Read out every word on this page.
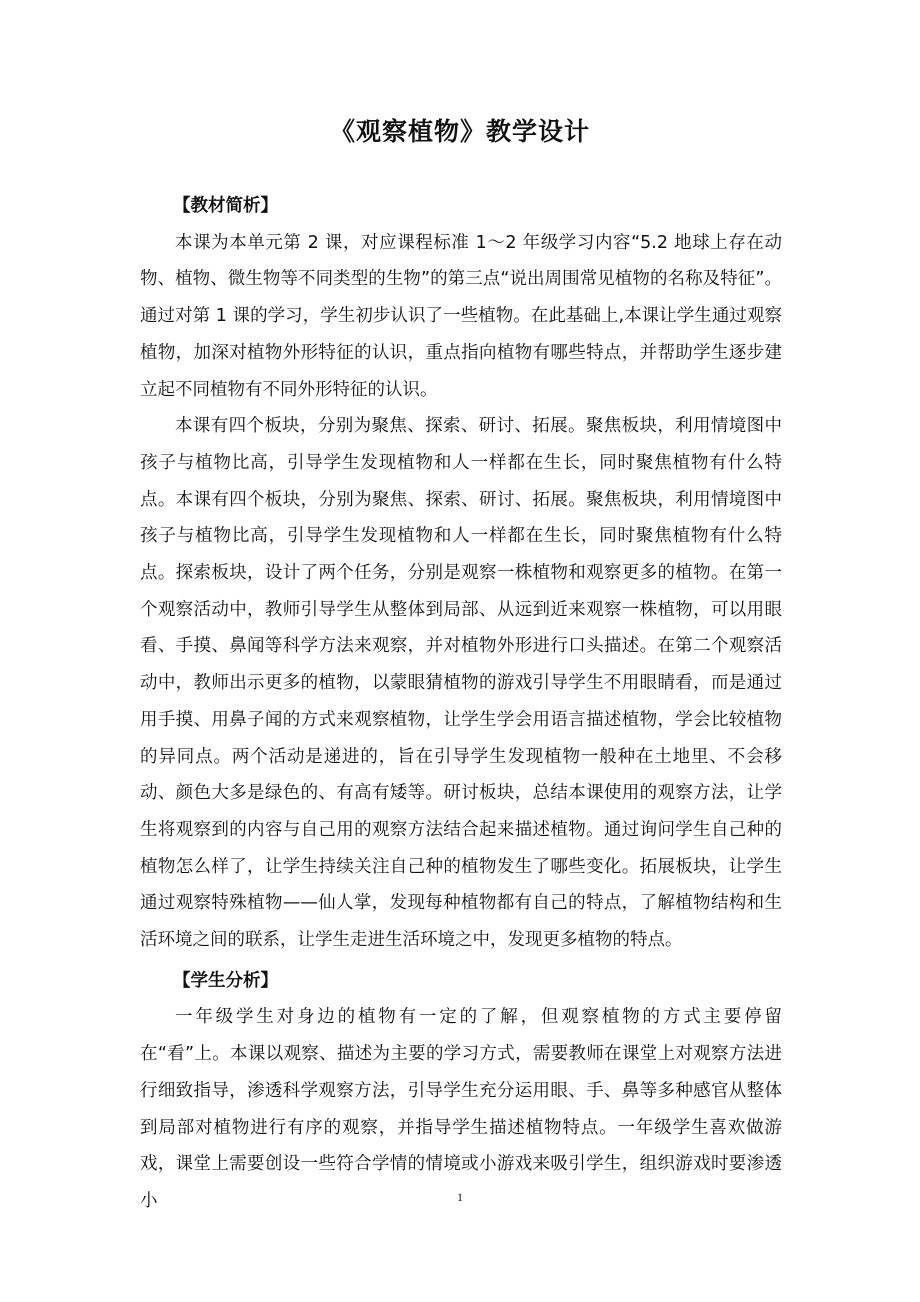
《观察植物》教学设计
【教材简析】

本课为本单元第 2 课，对应课程标准 1～2 年级学习内容“5.2 地球上存在动物、植物、微生物等不同类型的生物”的第三点“说出周围常见植物的名称及特征”。通过对第 1 课的学习，学生初步认识了一些植物。在此基础上,本课让学生通过观察植物，加深对植物外形特征的认识，重点指向植物有哪些特点，并帮助学生逐步建立起不同植物有不同外形特征的认识。

本课有四个板块，分别为聚焦、探索、研讨、拓展。聚焦板块，利用情境图中孩子与植物比高，引导学生发现植物和人一样都在生长，同时聚焦植物有什么特点。本课有四个板块，分别为聚焦、探索、研讨、拓展。聚焦板块，利用情境图中孩子与植物比高，引导学生发现植物和人一样都在生长，同时聚焦植物有什么特点。探索板块，设计了两个任务，分别是观察一株植物和观察更多的植物。在第一个观察活动中，教师引导学生从整体到局部、从远到近来观察一株植物，可以用眼看、手摸、鼻闻等科学方法来观察，并对植物外形进行口头描述。在第二个观察活动中，教师出示更多的植物，以蒙眼猜植物的游戏引导学生不用眼睛看，而是通过用手摸、用鼻子闻的方式来观察植物，让学生学会用语言描述植物，学会比较植物的异同点。两个活动是递进的，旨在引导学生发现植物一般种在土地里、不会移动、颜色大多是绿色的、有高有矮等。研讨板块，总结本课使用的观察方法，让学生将观察到的内容与自己用的观察方法结合起来描述植物。通过询问学生自己种的植物怎么样了，让学生持续关注自己种的植物发生了哪些变化。拓展板块，让学生通过观察特殊植物——仙人掌，发现每种植物都有自己的特点，了解植物结构和生活环境之间的联系，让学生走进生活环境之中，发现更多植物的特点。

【学生分析】

一年级学生对身边的植物有一定的了解，但观察植物的方式主要停留在“看”上。本课以观察、描述为主要的学习方式，需要教师在课堂上对观察方法进行细致指导，渗透科学观察方法，引导学生充分运用眼、手、鼻等多种感官从整体到局部对植物进行有序的观察，并指导学生描述植物特点。一年级学生喜欢做游戏，课堂上需要创设一些符合学情的情境或小游戏来吸引学生，组织游戏时要渗透小	1
